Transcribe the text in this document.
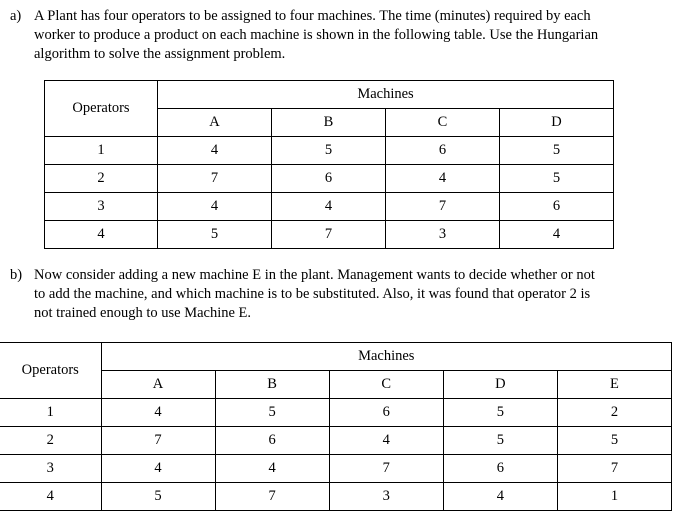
a) A Plant has four operators to be assigned to four machines. The time (minutes) required by each
worker to produce a product on each machine is shown in the following table. Use the Hungarian
algorithm to solve the assignment problem.
Operators	Machines			
	A	B	C	D
1	4	5	6	5
2	7	6	4	5
3	4	4	7	6
4	5	7	3	4
b) Now consider adding a new machine E in the plant. Management wants to decide whether or not
to add the machine, and which machine is to be substituted. Also, it was found that operator 2 is
not trained enough to use Machine E.
Operators	Machines				
	A	B	C	D	E
1	4	5	6	5	2
2	7	6	4	5	5
3	4	4	7	6	7
4	5	7	3	4	1
